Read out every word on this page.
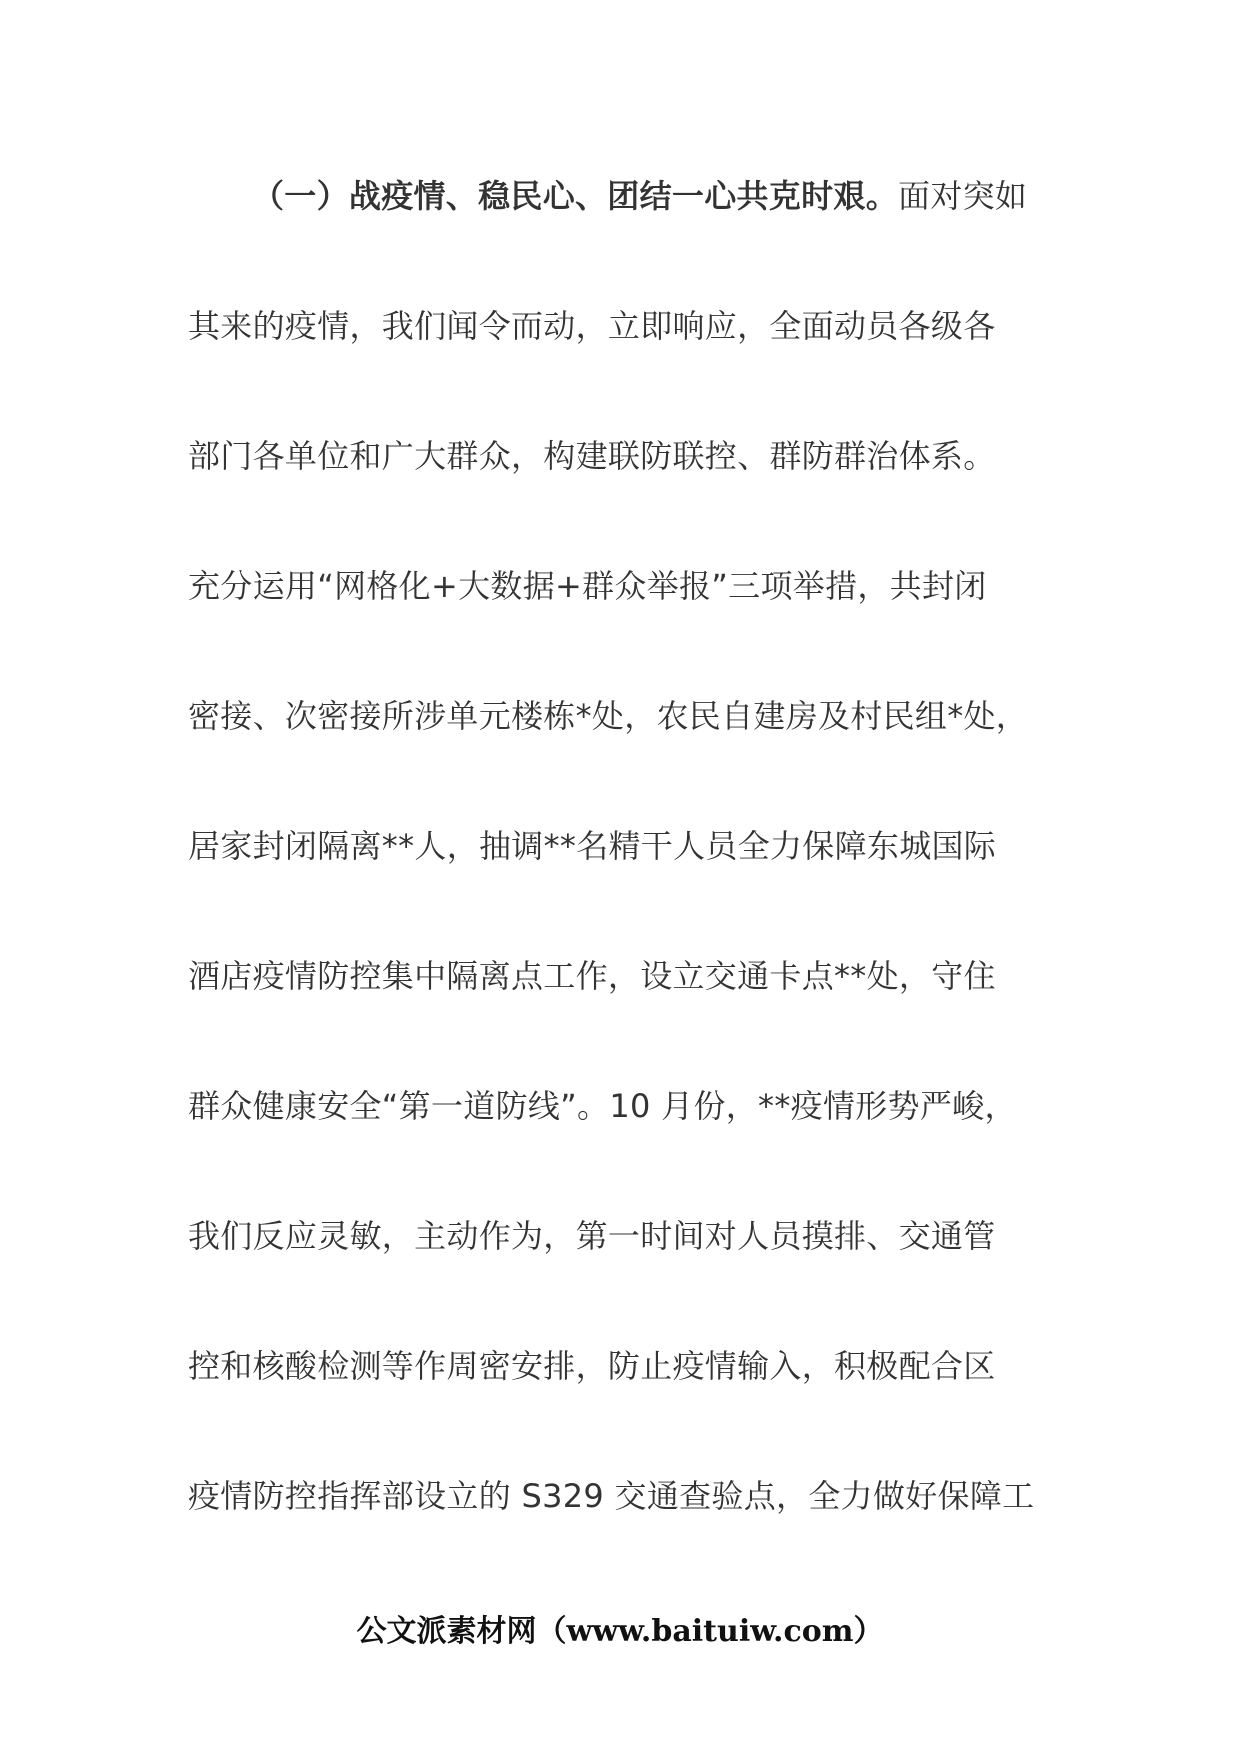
（一）战疫情、稳民心、团结一心共克时艰。面对突如
其来的疫情，我们闻令而动，立即响应，全面动员各级各
部门各单位和广大群众，构建联防联控、群防群治体系。
充分运用“网格化+大数据+群众举报”三项举措，共封闭
密接、次密接所涉单元楼栋*处，农民自建房及村民组*处，
居家封闭隔离**人，抽调**名精干人员全力保障东城国际
酒店疫情防控集中隔离点工作，设立交通卡点**处，守住
群众健康安全“第一道防线”。10 月份，**疫情形势严峻，
我们反应灵敏，主动作为，第一时间对人员摸排、交通管
控和核酸检测等作周密安排，防止疫情输入，积极配合区
疫情防控指挥部设立的 S329 交通查验点，全力做好保障工
公文派素材网（www.baituiw.com）
